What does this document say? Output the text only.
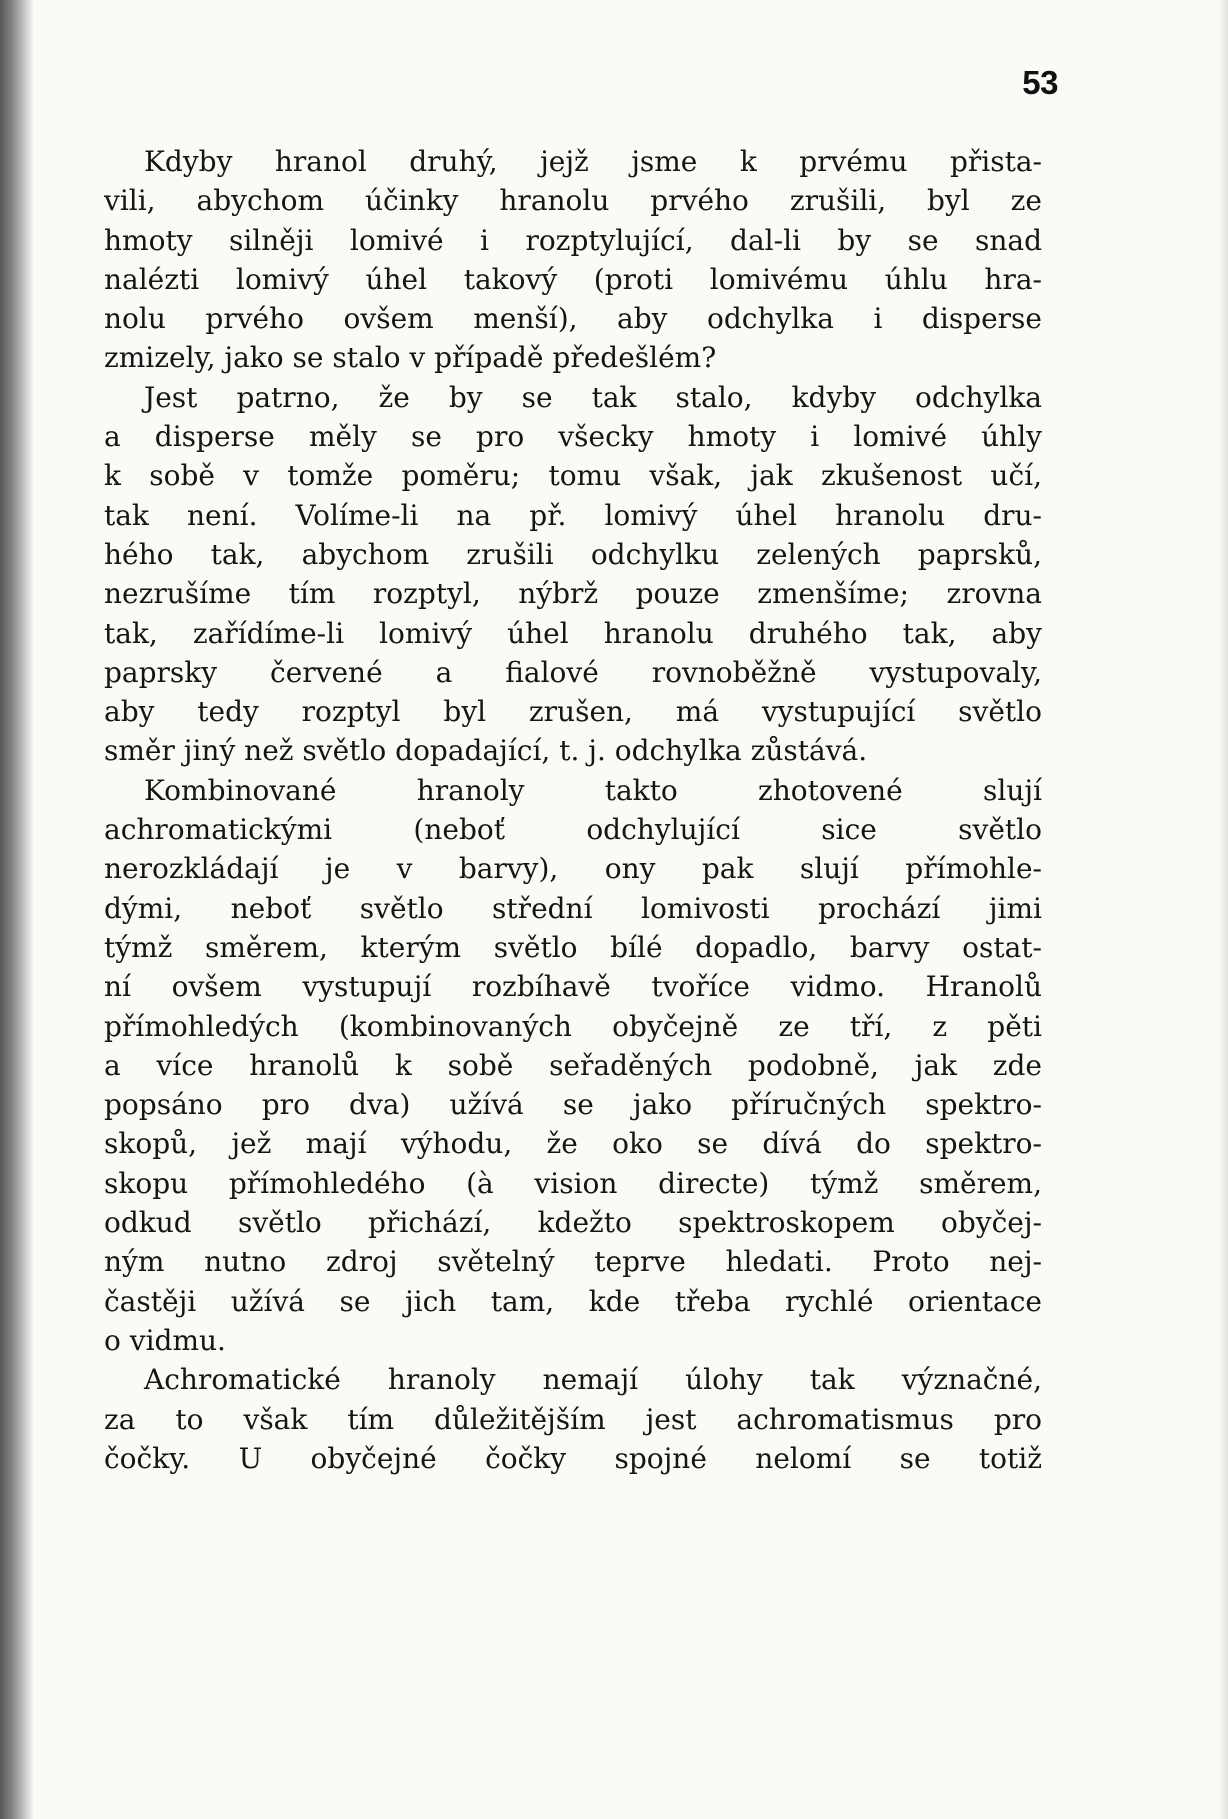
53
Kdyby hranol druhý, jejž jsme k prvému přista-
vili, abychom účinky hranolu prvého zrušili, byl ze
hmoty silněji lomivé i rozptylující, dal-li by se snad
nalézti lomivý úhel takový (proti lomivému úhlu hra-
nolu prvého ovšem menší), aby odchylka i disperse
zmizely, jako se stalo v případě předešlém?
Jest patrno, že by se tak stalo, kdyby odchylka
a disperse měly se pro všecky hmoty i lomivé úhly
k sobě v tomže poměru; tomu však, jak zkušenost učí,
tak není. Volíme-li na př. lomivý úhel hranolu dru-
hého tak, abychom zrušili odchylku zelených paprsků,
nezrušíme tím rozptyl, nýbrž pouze zmenšíme; zrovna
tak, zařídíme-li lomivý úhel hranolu druhého tak, aby
paprsky červené a fialové rovnoběžně vystupovaly,
aby tedy rozptyl byl zrušen, má vystupující světlo
směr jiný než světlo dopadající, t. j. odchylka zůstává.
Kombinované hranoly takto zhotovené slují
achromatickými (neboť odchylující sice světlo
nerozkládají je v barvy), ony pak slují přímohle-
dými, neboť světlo střední lomivosti prochází jimi
týmž směrem, kterým světlo bílé dopadlo, barvy ostat-
ní ovšem vystupují rozbíhavě tvoříce vidmo. Hranolů
přímohledých (kombinovaných obyčejně ze tří, z pěti
a více hranolů k sobě seřaděných podobně, jak zde
popsáno pro dva) užívá se jako příručných spektro-
skopů, jež mají výhodu, že oko se dívá do spektro-
skopu přímohledého (à vision directe) týmž směrem,
odkud světlo přichází, kdežto spektroskopem obyčej-
ným nutno zdroj světelný teprve hledati. Proto nej-
častěji užívá se jich tam, kde třeba rychlé orientace
o vidmu.
Achromatické hranoly nemají úlohy tak význačné,
za to však tím důležitějším jest achromatismus pro
čočky. U obyčejné čočky spojné nelomí se totiž
